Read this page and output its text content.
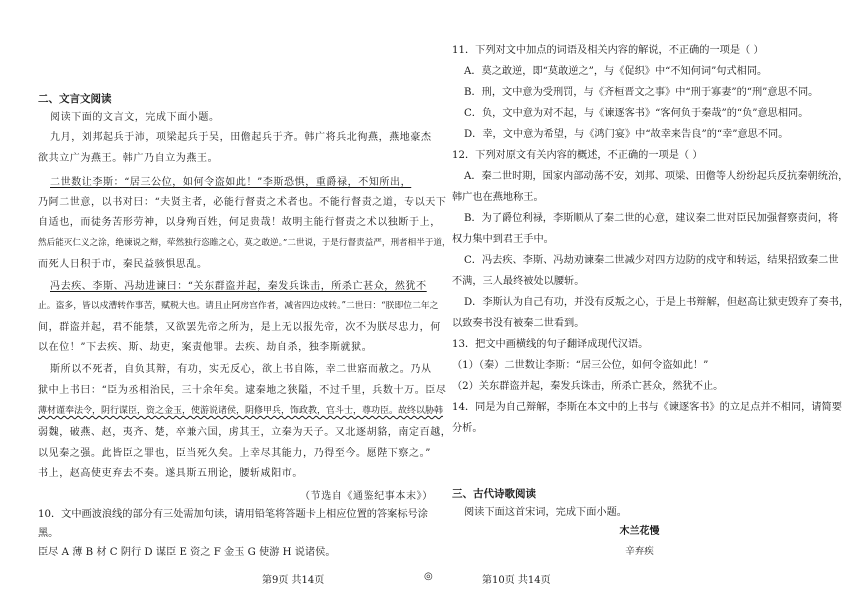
二、文言文阅读
阅读下面的文言文，完成下面小题。
九月，刘邦起兵于沛，项梁起兵于吴，田儋起兵于齐。韩广将兵北徇燕，燕地豪杰
欲共立广为燕王。韩广乃自立为燕王。
二世数让李斯：“居三公位，如何令盗如此！”李斯恐惧，重爵禄，不知所出，
乃阿二世意，以书对曰：“夫贤主者，必能行督责之术者也。不能行督责之道，专以天下
自适也，而徒务苦形劳神，以身殉百姓，何足贵哉！故明主能行督责之术以独断于上，
然后能灭仁义之涂，绝谏说之辩，荦然独行恣睢之心，莫之敢逆。”二世说，于是行督责益严，刑者相半于道，
而死人日积于市，秦民益骇惧思乱。
冯去疾、李斯、冯劫进谏曰：“关东群盗并起，秦发兵诛击，所杀亡甚众，然犹不
止。盗多，皆以戍漕转作事苦，赋税大也。请且止阿房宫作者，减省四边戍转。”二世曰：“朕即位二年之
间，群盗并起，君不能禁，又欲罢先帝之所为，是上无以报先帝，次不为朕尽忠力，何
以在位！”下去疾、斯、劫吏，案责他罪。去疾、劫自杀，独李斯就狱。
斯所以不死者，自负其辩，有功，实无反心，欲上书自陈，幸二世寤而赦之。乃从
狱中上书曰：“臣为丞相治民，三十余年矣。逮秦地之狭隘，不过千里，兵数十万。臣尽
薄材谨奉法令，阴行谋臣，资之金玉，使游说诸侯，阴修甲兵，饰政教，官斗士，尊功臣。故终以胁韩
弱魏，破燕、赵，夷齐、楚，卒兼六国，虏其王，立秦为天子。又北逐胡貉，南定百越，
以见秦之强。此皆臣之罪也，臣当死久矣。上幸尽其能力，乃得至今。愿陛下察之。”
书上，赵高使吏弃去不奏。遂具斯五刑论，腰斩咸阳市。
（节选自《通鉴纪事本末》）
10．文中画波浪线的部分有三处需加句读，请用铅笔将答题卡上相应位置的答案标号涂
黑。
臣尽 A 薄 B 材 C 阴行 D 谋臣 E 资之 F 金玉 G 使游 H 说诸侯。
第9页 共14页	◎
11．下列对文中加点的词语及相关内容的解说，不正确的一项是（ ）
A．莫之敢逆，即“莫敢逆之”，与《促织》中“不知何词”句式相同。
B．刑，文中意为受刑罚，与《齐桓晋文之事》中“刑于寡妻”的“刑”意思不同。
C．负，文中意为对不起，与《谏逐客书》“客何负于秦哉”的“负”意思相同。
D．幸，文中意为希望，与《鸿门宴》中“故幸来告良”的“幸”意思不同。
12．下列对原文有关内容的概述，不正确的一项是（ ）
A．秦二世时期，国家内部动荡不安，刘邦、项梁、田儋等人纷纷起兵反抗秦朝统治，
韩广也在燕地称王。
B．为了爵位利禄，李斯顺从了秦二世的心意，建议秦二世对臣民加强督察责问，将
权力集中到君王手中。
C．冯去疾、李斯、冯劫劝谏秦二世减少对四方边防的戍守和转运，结果招致秦二世
不满，三人最终被处以腰斩。
D．李斯认为自己有功，并没有反叛之心，于是上书辩解，但赵高让狱吏毁弃了奏书，
以致奏书没有被秦二世看到。
13．把文中画横线的句子翻译成现代汉语。
（1）（秦）二世数让李斯：“居三公位，如何令盗如此！”
（2）关东群盗并起，秦发兵诛击，所杀亡甚众，然犹不止。
14．同是为自己辩解，李斯在本文中的上书与《谏逐客书》的立足点并不相同，请简要
分析。
三、古代诗歌阅读
阅读下面这首宋词，完成下面小题。
木兰花慢
辛弃疾
第10页 共14页
